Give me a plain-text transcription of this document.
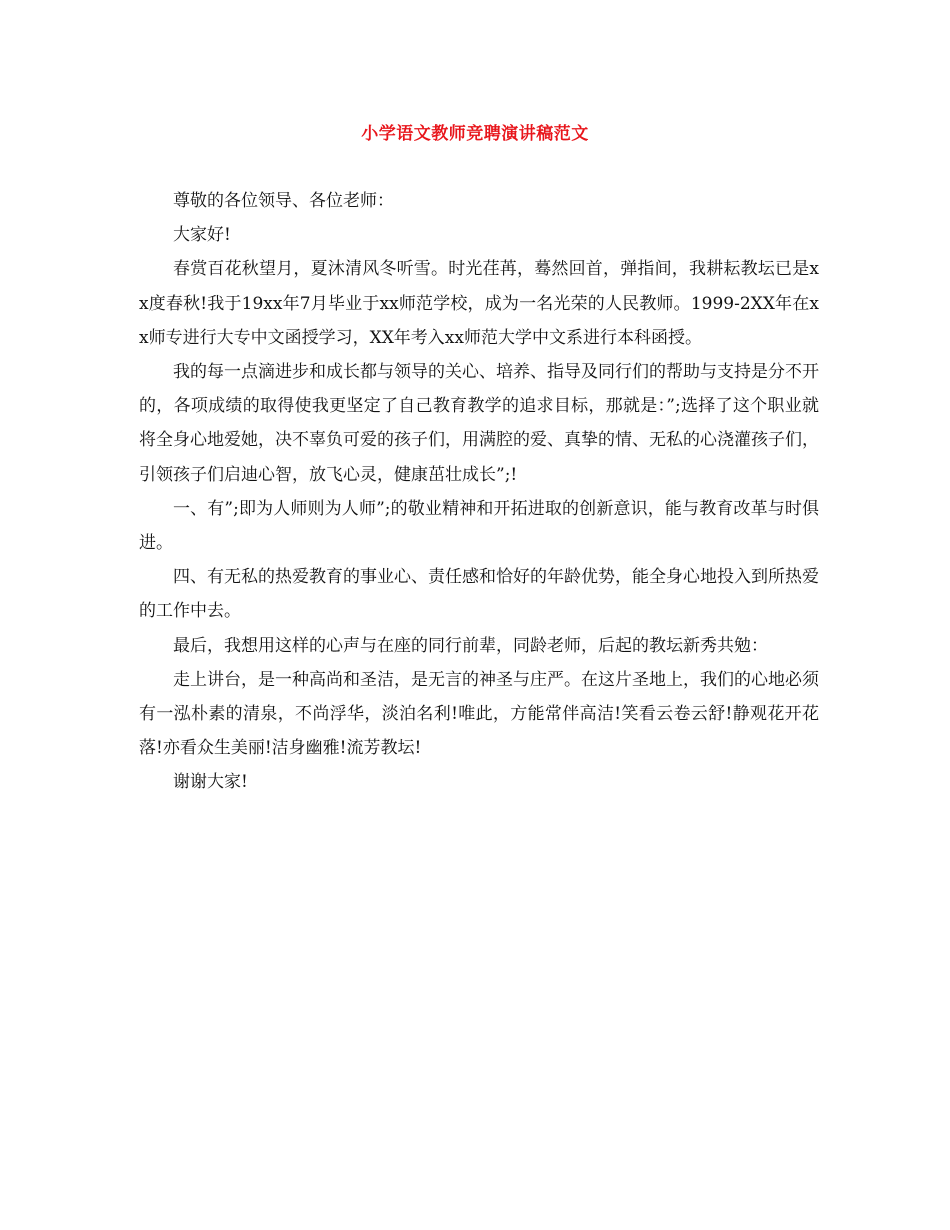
小学语文教师竞聘演讲稿范文

尊敬的各位领导、各位老师：

大家好!

春赏百花秋望月，夏沐清风冬听雪。时光荏苒，蓦然回首，弹指间，我耕耘教坛已是xx度春秋!我于19xx年7月毕业于xx师范学校，成为一名光荣的人民教师。1999-2XX年在xx师专进行大专中文函授学习，XX年考入xx师范大学中文系进行本科函授。

我的每一点滴进步和成长都与领导的关心、培养、指导及同行们的帮助与支持是分不开的，各项成绩的取得使我更坚定了自己教育教学的追求目标，那就是：”;选择了这个职业就将全身心地爱她，决不辜负可爱的孩子们，用满腔的爱、真挚的情、无私的心浇灌孩子们，引领孩子们启迪心智，放飞心灵，健康茁壮成长”;!

一、有”;即为人师则为人师”;的敬业精神和开拓进取的创新意识，能与教育改革与时俱进。

四、有无私的热爱教育的事业心、责任感和恰好的年龄优势，能全身心地投入到所热爱的工作中去。

最后，我想用这样的心声与在座的同行前辈，同龄老师，后起的教坛新秀共勉：

走上讲台，是一种高尚和圣洁，是无言的神圣与庄严。在这片圣地上，我们的心地必须有一泓朴素的清泉，不尚浮华，淡泊名利!唯此，方能常伴高洁!笑看云卷云舒!静观花开花落!亦看众生美丽!洁身幽雅!流芳教坛!

谢谢大家!
